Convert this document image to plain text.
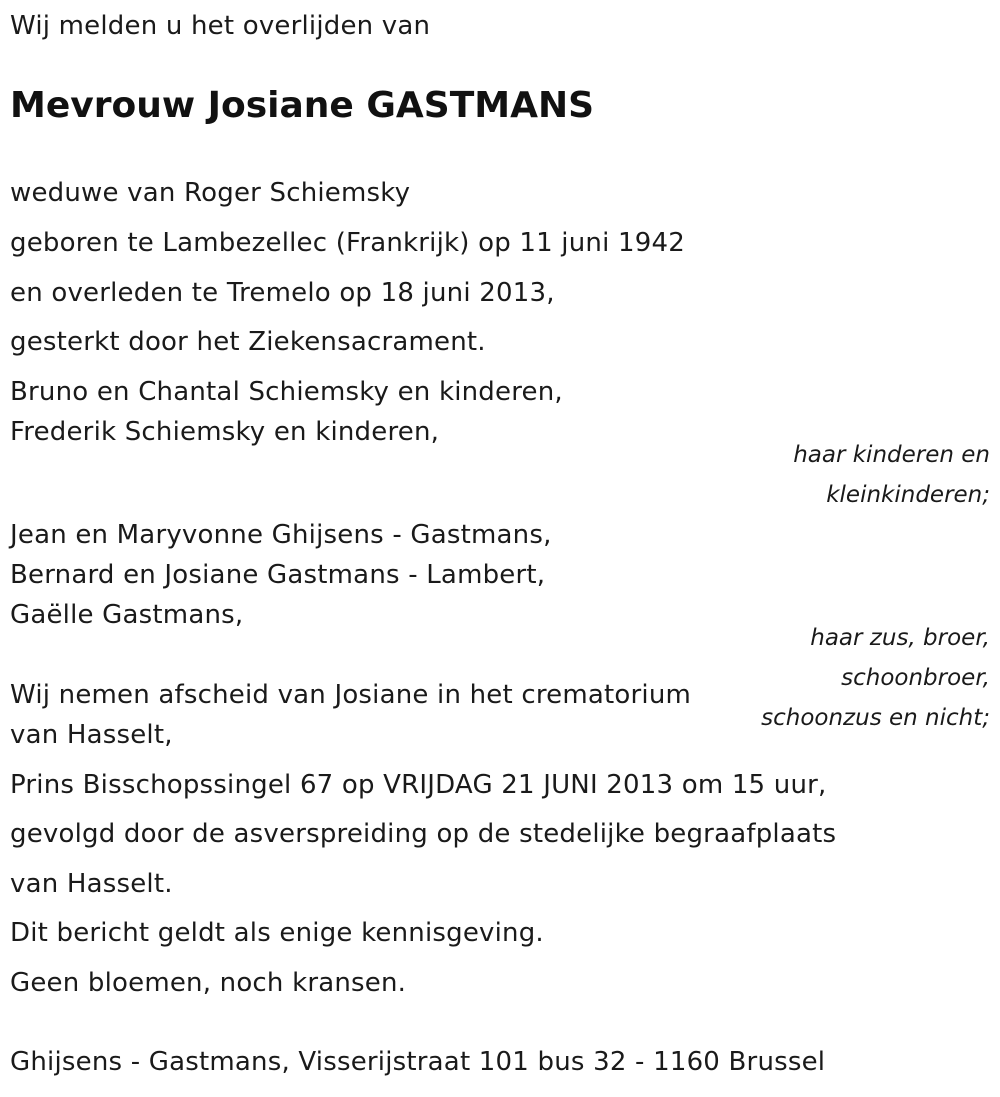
Wij melden u het overlijden van
Mevrouw Josiane GASTMANS
weduwe van Roger Schiemsky
geboren te Lambezellec (Frankrijk) op 11 juni 1942
en overleden te Tremelo op 18 juni 2013,
gesterkt door het Ziekensacrament.
Bruno en Chantal Schiemsky en kinderen,
Frederik Schiemsky en kinderen,
haar kinderen en
kleinkinderen;
Jean en Maryvonne Ghijsens - Gastmans,
Bernard en Josiane Gastmans - Lambert,
Gaëlle Gastmans,
haar zus, broer,
schoonbroer,
schoonzus en nicht;
Wij nemen afscheid van Josiane in het crematorium
van Hasselt,
Prins Bisschopssingel 67 op VRIJDAG 21 JUNI 2013 om 15 uur,
gevolgd door de asverspreiding op de stedelijke begraafplaats
van Hasselt.
Dit bericht geldt als enige kennisgeving.
Geen bloemen, noch kransen.
Ghijsens - Gastmans, Visserijstraat 101 bus 32 - 1160 Brussel
